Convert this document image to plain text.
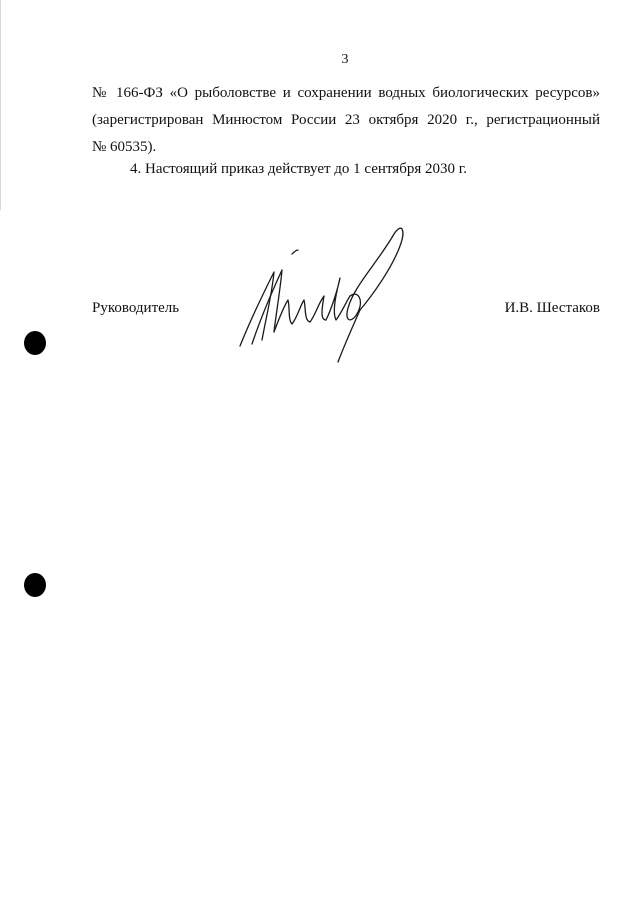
3
№ 166-ФЗ «О рыболовстве и сохранении водных биологических ресурсов»
(зарегистрирован Минюстом России 23 октября 2020 г., регистрационный
№ 60535).
4. Настоящий приказ действует до 1 сентября 2030 г.
Руководитель	И.В. Шестаков
